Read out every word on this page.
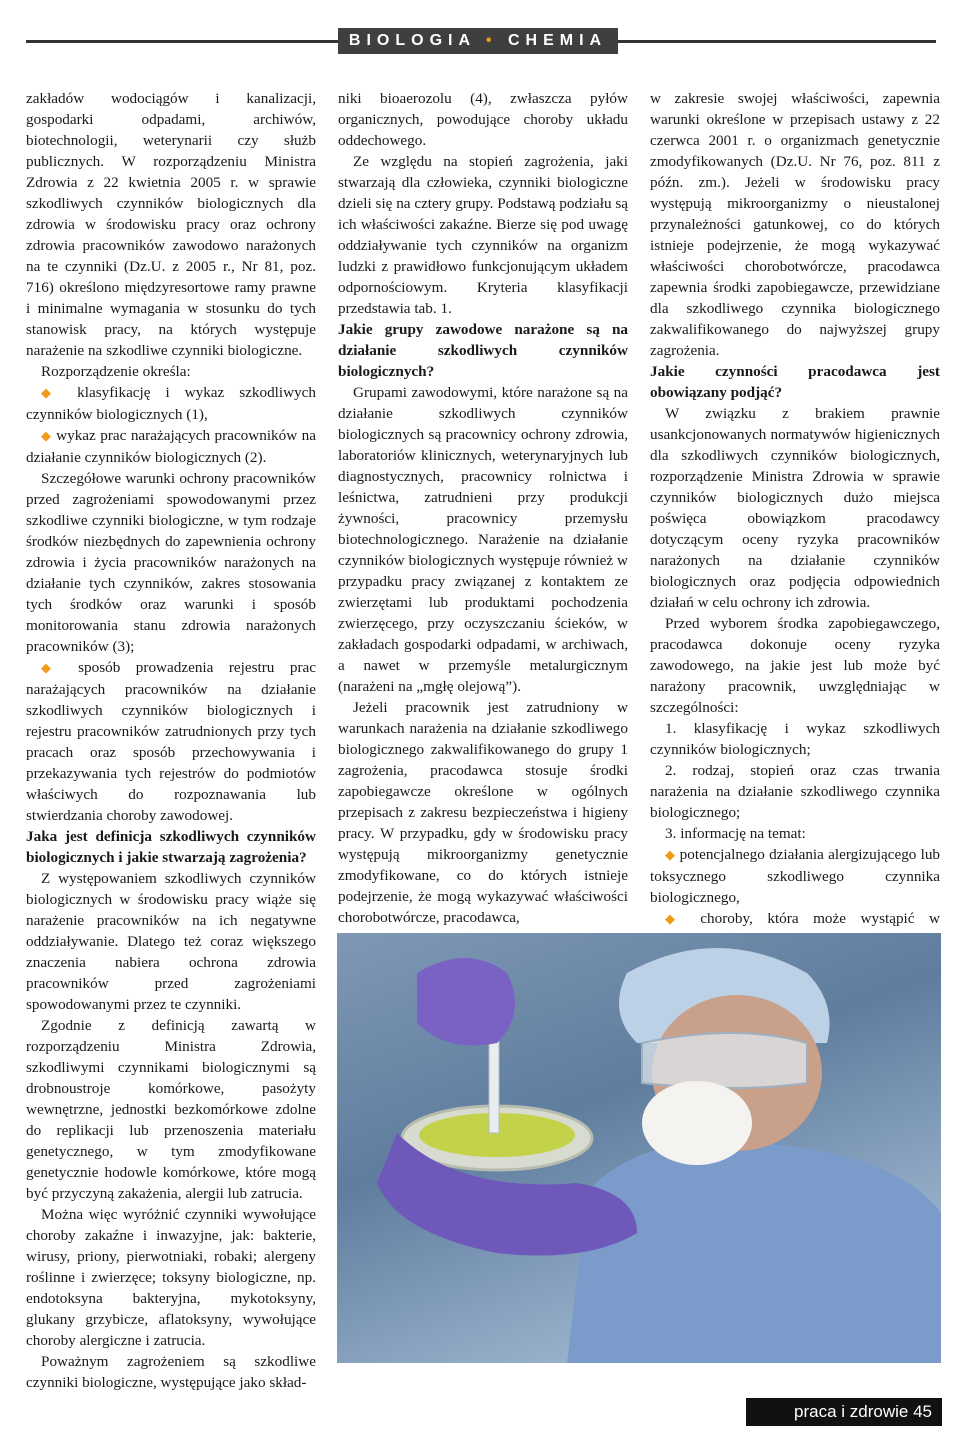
BIOLOGIA • CHEMIA

zakładów wodociągów i kanalizacji, gospodarki odpadami, archiwów, biotechnologii, weterynarii czy służb publicznych. W rozporządzeniu Ministra Zdrowia z 22 kwietnia 2005 r. w sprawie szkodliwych czynników biologicznych dla zdrowia w środowisku pracy oraz ochrony zdrowia pracowników zawodowo narażonych na te czynniki (Dz.U. z 2005 r., Nr 81, poz. 716) określono międzyresortowe ramy prawne i minimalne wymagania w stosunku do tych stanowisk pracy, na których występuje narażenie na szkodliwe czynniki biologiczne.

Rozporządzenie określa:

◆ klasyfikację i wykaz szkodliwych czynników biologicznych (1),

◆ wykaz prac narażających pracowników na działanie czynników biologicznych (2).

Szczegółowe warunki ochrony pracowników przed zagrożeniami spowodowanymi przez szkodliwe czynniki biologiczne, w tym rodzaje środków niezbędnych do zapewnienia ochrony zdrowia i życia pracowników narażonych na działanie tych czynników, zakres stosowania tych środków oraz warunki i sposób monitorowania stanu zdrowia narażonych pracowników (3);

◆ sposób prowadzenia rejestru prac narażających pracowników na działanie szkodliwych czynników biologicznych i rejestru pracowników zatrudnionych przy tych pracach oraz sposób przechowywania i przekazywania tych rejestrów do podmiotów właściwych do rozpoznawania lub stwierdzania choroby zawodowej.

Jaka jest definicja szkodliwych czynników biologicznych i jakie stwarzają zagrożenia?

Z występowaniem szkodliwych czynników biologicznych w środowisku pracy wiąże się narażenie pracowników na ich negatywne oddziaływanie. Dlatego też coraz większego znaczenia nabiera ochrona zdrowia pracowników przed zagrożeniami spowodowanymi przez te czynniki.

Zgodnie z definicją zawartą w rozporządzeniu Ministra Zdrowia, szkodliwymi czynnikami biologicznymi są drobnoustroje komórkowe, pasożyty wewnętrzne, jednostki bezkomórkowe zdolne do replikacji lub przenoszenia materiału genetycznego, w tym zmodyfikowane genetycznie hodowle komórkowe, które mogą być przyczyną zakażenia, alergii lub zatrucia.

Można więc wyróżnić czynniki wywołujące choroby zakaźne i inwazyjne, jak: bakterie, wirusy, priony, pierwotniaki, robaki; alergeny roślinne i zwierzęce; toksyny biologiczne, np. endotoksyna bakteryjna, mykotoksyny, glukany grzybicze, aflatoksyny, wywołujące choroby alergiczne i zatrucia.

Poważnym zagrożeniem są szkodliwe czynniki biologiczne, występujące jako skład-

niki bioaerozolu (4), zwłaszcza pyłów organicznych, powodujące choroby układu oddechowego.

Ze względu na stopień zagrożenia, jaki stwarzają dla człowieka, czynniki biologiczne dzieli się na cztery grupy. Podstawą podziału są ich właściwości zakaźne. Bierze się pod uwagę oddziaływanie tych czynników na organizm ludzki z prawidłowo funkcjonującym układem odpornościowym. Kryteria klasyfikacji przedstawia tab. 1.

Jakie grupy zawodowe narażone są na działanie szkodliwych czynników biologicznych?

Grupami zawodowymi, które narażone są na działanie szkodliwych czynników biologicznych są pracownicy ochrony zdrowia, laboratoriów klinicznych, weterynaryjnych lub diagnostycznych, pracownicy rolnictwa i leśnictwa, zatrudnieni przy produkcji żywności, pracownicy przemysłu biotechnologicznego. Narażenie na działanie czynników biologicznych występuje również w przypadku pracy związanej z kontaktem ze zwierzętami lub produktami pochodzenia zwierzęcego, przy oczyszczaniu ścieków, w zakładach gospodarki odpadami, w archiwach, a nawet w przemyśle metalurgicznym (narażeni na „mgłę olejową”).

Jeżeli pracownik jest zatrudniony w warunkach narażenia na działanie szkodliwego biologicznego zakwalifikowanego do grupy 1 zagrożenia, pracodawca stosuje środki zapobiegawcze określone w ogólnych przepisach z zakresu bezpieczeństwa i higieny pracy. W przypadku, gdy w środowisku pracy występują mikroorganizmy genetycznie zmodyfikowane, co do których istnieje podejrzenie, że mogą wykazywać właściwości chorobotwórcze, pracodawca,

w zakresie swojej właściwości, zapewnia warunki określone w przepisach ustawy z 22 czerwca 2001 r. o organizmach genetycznie zmodyfikowanych (Dz.U. Nr 76, poz. 811 z późn. zm.). Jeżeli w środowisku pracy występują mikroorganizmy o nieustalonej przynależności gatunkowej, co do których istnieje podejrzenie, że mogą wykazywać właściwości chorobotwórcze, pracodawca zapewnia środki zapobiegawcze, przewidziane dla szkodliwego czynnika biologicznego zakwalifikowanego do najwyższej grupy zagrożenia.

Jakie czynności pracodawca jest obowiązany podjąć?

W związku z brakiem prawnie usankcjonowanych normatywów higienicznych dla szkodliwych czynników biologicznych, rozporządzenie Ministra Zdrowia w sprawie czynników biologicznych dużo miejsca poświęca obowiązkom pracodawcy dotyczącym oceny ryzyka pracowników narażonych na działanie czynników biologicznych oraz podjęcia odpowiednich działań w celu ochrony ich zdrowia.

Przed wyborem środka zapobiegawczego, pracodawca dokonuje oceny ryzyka zawodowego, na jakie jest lub może być narażony pracownik, uwzględniając w szczególności:

1. klasyfikację i wykaz szkodliwych czynników biologicznych;

2. rodzaj, stopień oraz czas trwania narażenia na działanie szkodliwego czynnika biologicznego;

3. informację na temat:

◆ potencjalnego działania alergizującego lub toksycznego szkodliwego czynnika biologicznego,

◆ choroby, która może wystąpić w

praca i zdrowie 45
